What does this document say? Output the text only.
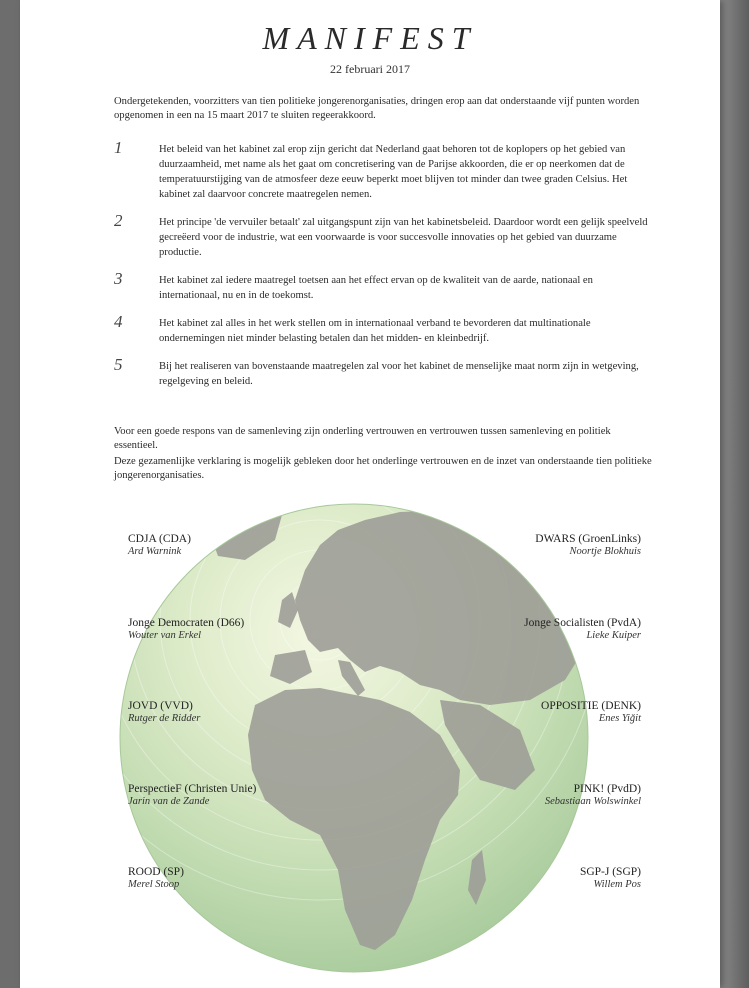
MANIFEST
22 februari 2017
Ondergetekenden, voorzitters van tien politieke jongerenorganisaties, dringen erop aan dat onderstaande vijf punten worden opgenomen in een na 15 maart 2017 te sluiten regeerakkoord.
1	Het beleid van het kabinet zal erop zijn gericht dat Nederland gaat behoren tot de koplopers op het gebied van duurzaamheid, met name als het gaat om concretisering van de Parijse akkoorden, die er op neerkomen dat de temperatuurstijging van de atmosfeer deze eeuw beperkt moet blijven tot minder dan twee graden Celsius. Het kabinet zal daarvoor concrete maatregelen nemen.
2	Het principe 'de vervuiler betaalt' zal uitgangspunt zijn van het kabinetsbeleid. Daardoor wordt een gelijk speelveld gecreëerd voor de industrie, wat een voorwaarde is voor succesvolle innovaties op het gebied van duurzame productie.
3	Het kabinet zal iedere maatregel toetsen aan het effect ervan op de kwaliteit van de aarde, nationaal en internationaal, nu en in de toekomst.
4	Het kabinet zal alles in het werk stellen om in internationaal verband te bevorderen dat multinationale ondernemingen niet minder belasting betalen dan het midden- en kleinbedrijf.
5	Bij het realiseren van bovenstaande maatregelen zal voor het kabinet de menselijke maat norm zijn in wetgeving, regelgeving en beleid.

Voor een goede respons van de samenleving zijn onderling vertrouwen en vertrouwen tussen samenleving en politiek essentieel.

Deze gezamenlijke verklaring is mogelijk gebleken door het onderlinge vertrouwen en de inzet van onderstaande tien politieke jongerenorganisaties.

CDJA (CDA)
Ard Warnink
Jonge Democraten (D66)
Wouter van Erkel
JOVD (VVD)
Rutger de Ridder
PerspectieF (Christen Unie)
Jarin van de Zande
ROOD (SP)
Merel Stoop
DWARS (GroenLinks)
Noortje Blokhuis
Jonge Socialisten (PvdA)
Lieke Kuiper
OPPOSITIE (DENK)
Enes Yiğit
PINK! (PvdD)
Sebastiaan Wolswinkel
SGP-J (SGP)
Willem Pos
